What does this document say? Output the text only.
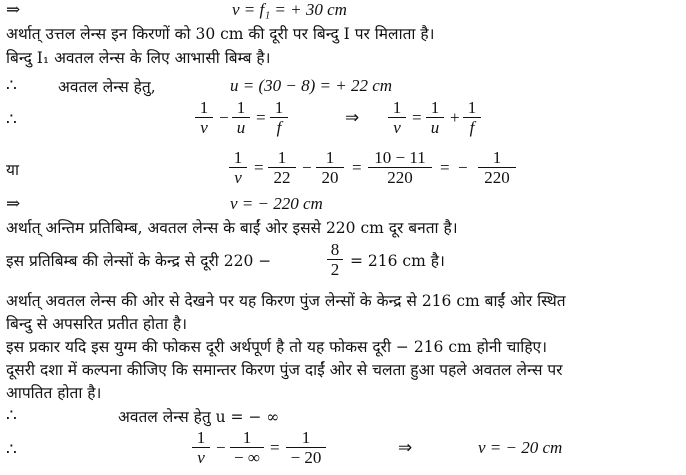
⇒	v = f₁ = + 30 cm
अर्थात् उत्तल लेन्स इन किरणों को 30 cm की दूरी पर बिन्दु I पर मिलाता है।
बिन्दु I₁ अवतल लेन्स के लिए आभासी बिम्ब है।
∴	अवतल लेन्स हेतु,	u = (30 − 8) = + 22 cm
∴	$\frac{1}{v} - \frac{1}{u} = \frac{1}{f}$	⇒ $\frac{1}{v} = \frac{1}{u} + \frac{1}{f}$
या	$\frac{1}{v} = \frac{1}{22} - \frac{1}{20} = \frac{10 - 11}{220}$ = − $\frac{1}{220}$
⇒	v = − 220 cm
अर्थात् अन्तिम प्रतिबिम्ब, अवतल लेन्स के बाईं ओर इससे 220 cm दूर बनता है।
इस प्रतिबिम्ब की लेन्सों के केन्द्र से दूरी 220 −	$\frac{8}{2} = 216$ cm है।
अर्थात् अवतल लेन्स की ओर से देखने पर यह किरण पुंज लेन्सों के केन्द्र से 216 cm बाईं ओर स्थित
बिन्दु से अपसरित प्रतीत होता है।
इस प्रकार यदि इस युग्म की फोकस दूरी अर्थपूर्ण है तो यह फोकस दूरी − 216 cm होनी चाहिए।
दूसरी दशा में कल्पना कीजिए कि समान्तर किरण पुंज दाईं ओर से चलता हुआ पहले अवतल लेन्स पर
आपतित होता है।
∴	अवतल लेन्स हेतु u = − ∞
∴	$\frac{1}{v}$ −
1
− ∞
= $\frac{1}{- 20}$	⇒	v = − 20 cm
